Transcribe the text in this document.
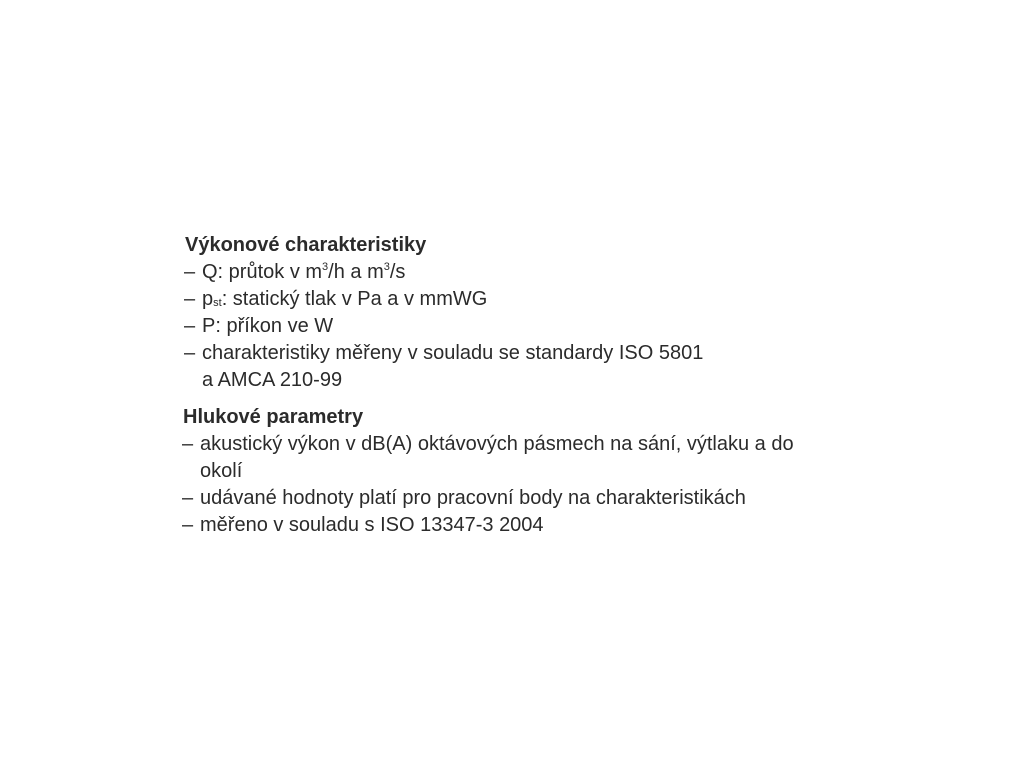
Výkonové charakteristiky
– Q: průtok v $m^3/h$ a $m^3/s$
– $p_{st}$: statický tlak v Pa a v mmWG
– P: příkon ve W
– charakteristiky měřeny v souladu se standardy ISO 5801
a AMCA 210-99
Hlukové parametry
– akustický výkon v dB(A) oktávových pásmech na sání, výtlaku a do
okolí
– udávané hodnoty platí pro pracovní body na charakteristikách
– měřeno v souladu s ISO 13347-3 2004
